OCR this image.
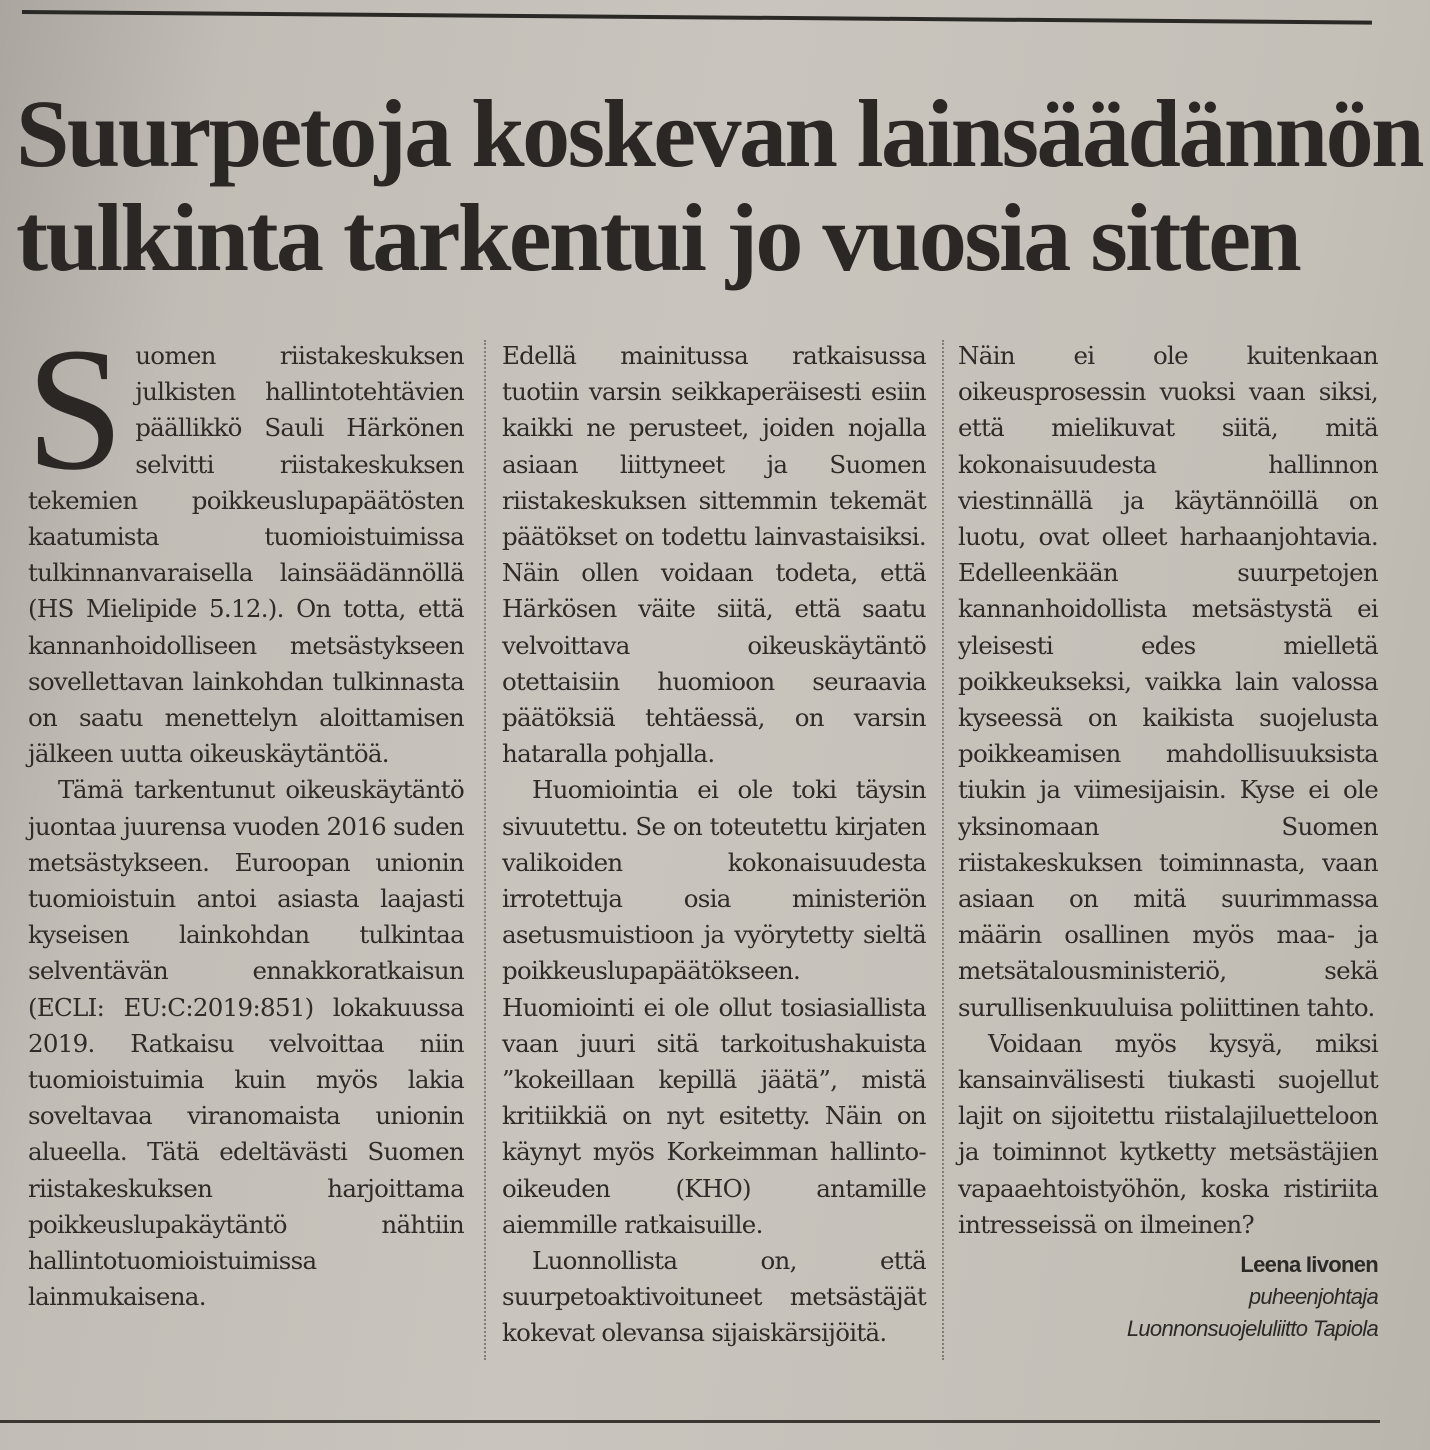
Suurpetoja koskevan lainsäädännön
tulkinta tarkentui jo vuosia sitten

Suomen riistakeskuksen julkisten hallintotehtävien päällikkö Sauli Härkönen selvitti riistakeskuksen tekemien poikkeuslupapäätösten kaatumista tuomioistuimissa tulkinnanvaraisella lainsäädännöllä (HS Mielipide 5.12.). On totta, että kannanhoidolliseen metsästykseen sovellettavan lainkohdan tulkinnasta on saatu menettelyn aloittamisen jälkeen uutta oikeuskäytäntöä.

Tämä tarkentunut oikeuskäytäntö juontaa juurensa vuoden 2016 suden metsästykseen. Euroopan unionin tuomioistuin antoi asiasta laajasti kyseisen lainkohdan tulkintaa selventävän ennakkoratkaisun (ECLI: EU:C:2019:851) lokakuussa 2019. Ratkaisu velvoittaa niin tuomioistuimia kuin myös lakia soveltavaa viranomaista unionin alueella. Tätä edeltävästi Suomen riistakeskuksen harjoittama poikkeuslupakäytäntö nähtiin hallintotuomioistuimissa lainmukaisena.

Edellä mainitussa ratkaisussa tuotiin varsin seikkaperäisesti esiin kaikki ne perusteet, joiden nojalla asiaan liittyneet ja Suomen riistakeskuksen sittemmin tekemät päätökset on todettu lainvastaisiksi. Näin ollen voidaan todeta, että Härkösen väite siitä, että saatu velvoittava oikeuskäytäntö otettaisiin huomioon seuraavia päätöksiä tehtäessä, on varsin hataralla pohjalla.

Huomiointia ei ole toki täysin sivuutettu. Se on toteutettu kirjaten valikoiden kokonaisuudesta irrotettuja osia ministeriön asetusmuistioon ja vyörytetty sieltä poikkeuslupapäätökseen. Huomiointi ei ole ollut tosiasiallista vaan juuri sitä tarkoitushakuista ”kokeillaan kepillä jäätä”, mistä kritiikkiä on nyt esitetty. Näin on käynyt myös Korkeimman hallinto-oikeuden (KHO) antamille aiemmille ratkaisuille.

Luonnollista on, että suurpetoaktivoituneet metsästäjät kokevat olevansa sijaiskärsijöitä.

Näin ei ole kuitenkaan oikeusprosessin vuoksi vaan siksi, että mielikuvat siitä, mitä kokonaisuudesta hallinnon viestinnällä ja käytännöillä on luotu, ovat olleet harhaanjohtavia. Edelleenkään suurpetojen kannanhoidollista metsästystä ei yleisesti edes mielletä poikkeukseksi, vaikka lain valossa kyseessä on kaikista suojelusta poikkeamisen mahdollisuuksista tiukin ja viimesijaisin. Kyse ei ole yksinomaan Suomen riistakeskuksen toiminnasta, vaan asiaan on mitä suurimmassa määrin osallinen myös maa- ja metsätalousministeriö, sekä surullisenkuuluisa poliittinen tahto.

Voidaan myös kysyä, miksi kansainvälisesti tiukasti suojellut lajit on sijoitettu riistalajiluetteloon ja toiminnot kytketty metsästäjien vapaaehtoistyöhön, koska ristiriita intresseissä on ilmeinen?

Leena Iivonen
puheenjohtaja
Luonnonsuojeluliitto Tapiola
